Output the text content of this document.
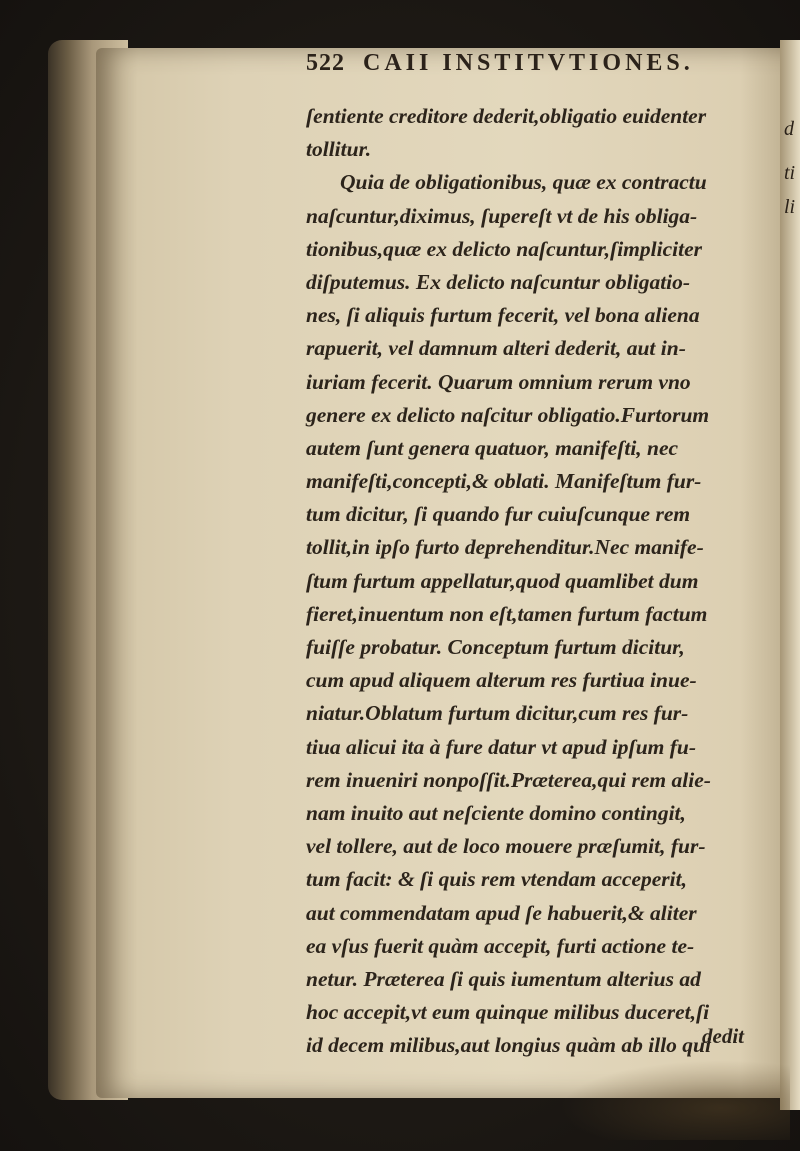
d
ti
li
522 CAII INSTITVTIONES.
ſentiente creditore dederit,obligatio euidenter
tollitur.
Quia de obligationibus, quæ ex contractu
naſcuntur,diximus, ſupereſt vt de his obliga-
tionibus,quæ ex delicto naſcuntur,ſimpliciter
diſputemus. Ex delicto naſcuntur obligatio-
nes, ſi aliquis furtum fecerit, vel bona aliena
rapuerit, vel damnum alteri dederit, aut in-
iuriam fecerit. Quarum omnium rerum vno
genere ex delicto naſcitur obligatio.Furtorum
autem ſunt genera quatuor, manifeſti, nec
manifeſti,concepti,& oblati. Manifeſtum fur-
tum dicitur, ſi quando fur cuiuſcunque rem
tollit,in ipſo furto deprehenditur.Nec manife-
ſtum furtum appellatur,quod quamlibet dum
fieret,inuentum non eſt,tamen furtum factum
fuiſſe probatur. Conceptum furtum dicitur,
cum apud aliquem alterum res furtiua inue-
niatur.Oblatum furtum dicitur,cum res fur-
tiua alicui ita à fure datur vt apud ipſum fu-
rem inueniri nonpoſſit.Præterea,qui rem alie-
nam inuito aut neſciente domino contingit,
vel tollere, aut de loco mouere præſumit, fur-
tum facit: & ſi quis rem vtendam acceperit,
aut commendatam apud ſe habuerit,& aliter
ea vſus fuerit quàm accepit, furti actione te-
netur. Præterea ſi quis iumentum alterius ad
hoc accepit,vt eum quinque milibus duceret,ſi
id decem milibus,aut longius quàm ab illo qui
dedit
